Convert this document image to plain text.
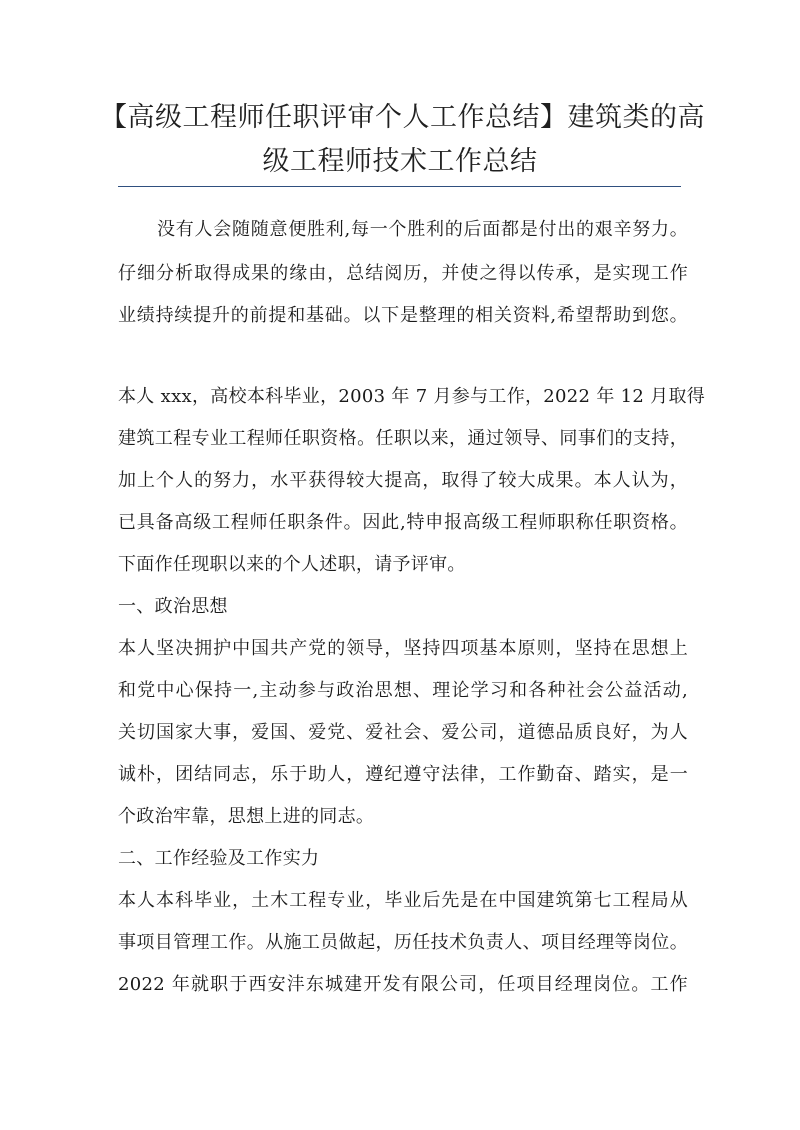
【高级工程师任职评审个人工作总结】建筑类的高
级工程师技术工作总结
没有人会随随意便胜利,每一个胜利的后面都是付出的艰辛努力。
仔细分析取得成果的缘由，总结阅历，并使之得以传承，是实现工作
业绩持续提升的前提和基础。以下是整理的相关资料,希望帮助到您。
本人 xxx，高校本科毕业，2003 年 7 月参与工作，2022 年 12 月取得
建筑工程专业工程师任职资格。任职以来，通过领导、同事们的支持，
加上个人的努力，水平获得较大提高，取得了较大成果。本人认为，
已具备高级工程师任职条件。因此,特申报高级工程师职称任职资格。
下面作任现职以来的个人述职，请予评审。
一、政治思想
本人坚决拥护中国共产党的领导，坚持四项基本原则，坚持在思想上
和党中心保持一,主动参与政治思想、理论学习和各种社会公益活动,
关切国家大事，爱国、爱党、爱社会、爱公司，道德品质良好，为人
诚朴，团结同志，乐于助人，遵纪遵守法律，工作勤奋、踏实，是一
个政治牢靠，思想上进的同志。
二、工作经验及工作实力
本人本科毕业，土木工程专业，毕业后先是在中国建筑第七工程局从
事项目管理工作。从施工员做起，历任技术负责人、项目经理等岗位。
2022 年就职于西安沣东城建开发有限公司，任项目经理岗位。工作
